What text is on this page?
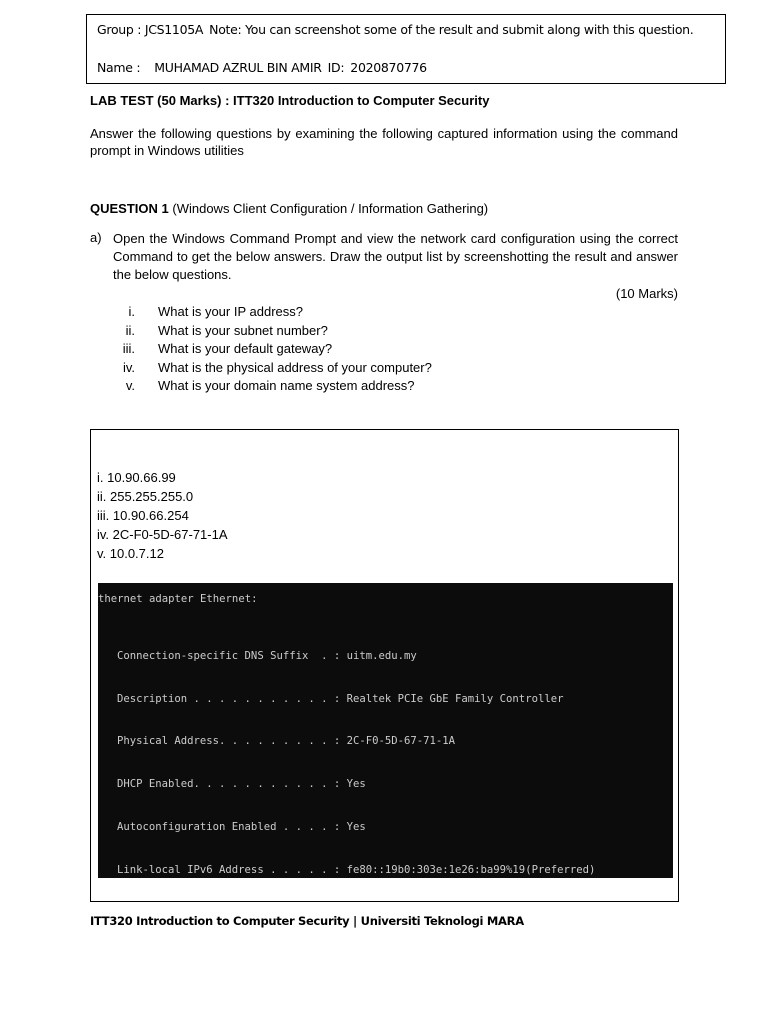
Group : JCS1105A Note: You can screenshot some of the result and submit along with this question.
Name : MUHAMAD AZRUL BIN AMIR ID: 2020870776
LAB TEST (50 Marks) : ITT320 Introduction to Computer Security
Answer the following questions by examining the following captured information using the command prompt in Windows utilities
QUESTION 1 (Windows Client Configuration / Information Gathering)
a) Open the Windows Command Prompt and view the network card configuration using the correct Command to get the below answers. Draw the output list by screenshotting the result and answer the below questions.
(10 Marks)
i. What is your IP address?
ii. What is your subnet number?
iii. What is your default gateway?
iv. What is the physical address of your computer?
v. What is your domain name system address?
i. 10.90.66.99
ii. 255.255.255.0
iii. 10.90.66.254
iv. 2C-F0-5D-67-71-1A
v. 10.0.7.12

thernet adapter Ethernet:

Connection-specific DNS Suffix  . : uitm.edu.my

Description . . . . . . . . . . . : Realtek PCIe GbE Family Controller

Physical Address. . . . . . . . . : 2C-F0-5D-67-71-1A

DHCP Enabled. . . . . . . . . . . : Yes

Autoconfiguration Enabled . . . . : Yes

Link-local IPv6 Address . . . . . : fe80::19b0:303e:1e26:ba99%19(Preferred)

ITT320 Introduction to Computer Security | Universiti Teknologi MARA
